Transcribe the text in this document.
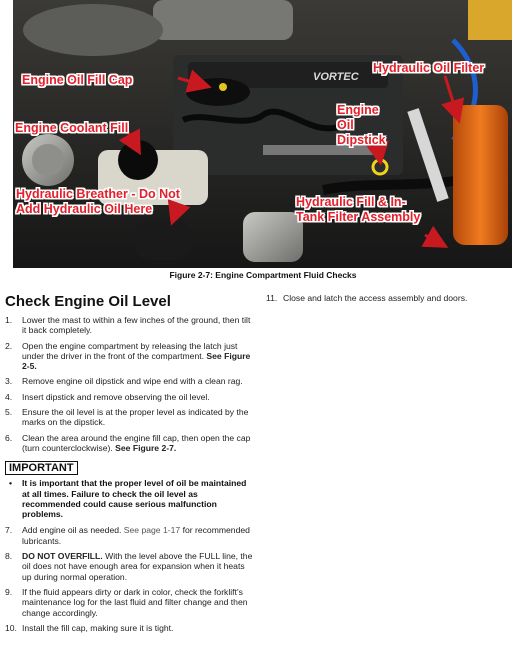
VORTEC
Engine Oil Fill Cap
Hydraulic Oil Filter
Engine Oil Dipstick
Engine Coolant Fill
Hydraulic Breather - Do Not Add Hydraulic Oil Here	Hydraulic Fill & In-Tank Filter Assembly
Figure 2-7: Engine Compartment Fluid Checks
Check Engine Oil Level
1.	Lower the mast to within a few inches of the ground, then tilt it back completely.
2.	Open the engine compartment by releasing the latch just under the driver in the front of the compartment. See Figure 2-5.
3.	Remove engine oil dipstick and wipe end with a clean rag.
4.	Insert dipstick and remove observing the oil level.
5.	Ensure the oil level is at the proper level as indicated by the marks on the dipstick.
6.	Clean the area around the engine fill cap, then open the cap (turn counterclockwise). See Figure 2-7.
IMPORTANT
• It is important that the proper level of oil be maintained at all times. Failure to check the oil level as recommended could cause serious malfunction problems.
7.	Add engine oil as needed. See page 1-17 for recommended lubricants.
8.	DO NOT OVERFILL. With the level above the FULL line, the oil does not have enough area for expansion when it heats up during normal operation.
9.	If the fluid appears dirty or dark in color, check the forklift's maintenance log for the last fluid and filter change and then change accordingly.
10. Install the fill cap, making sure it is tight.
11. Close and latch the access assembly and doors.
